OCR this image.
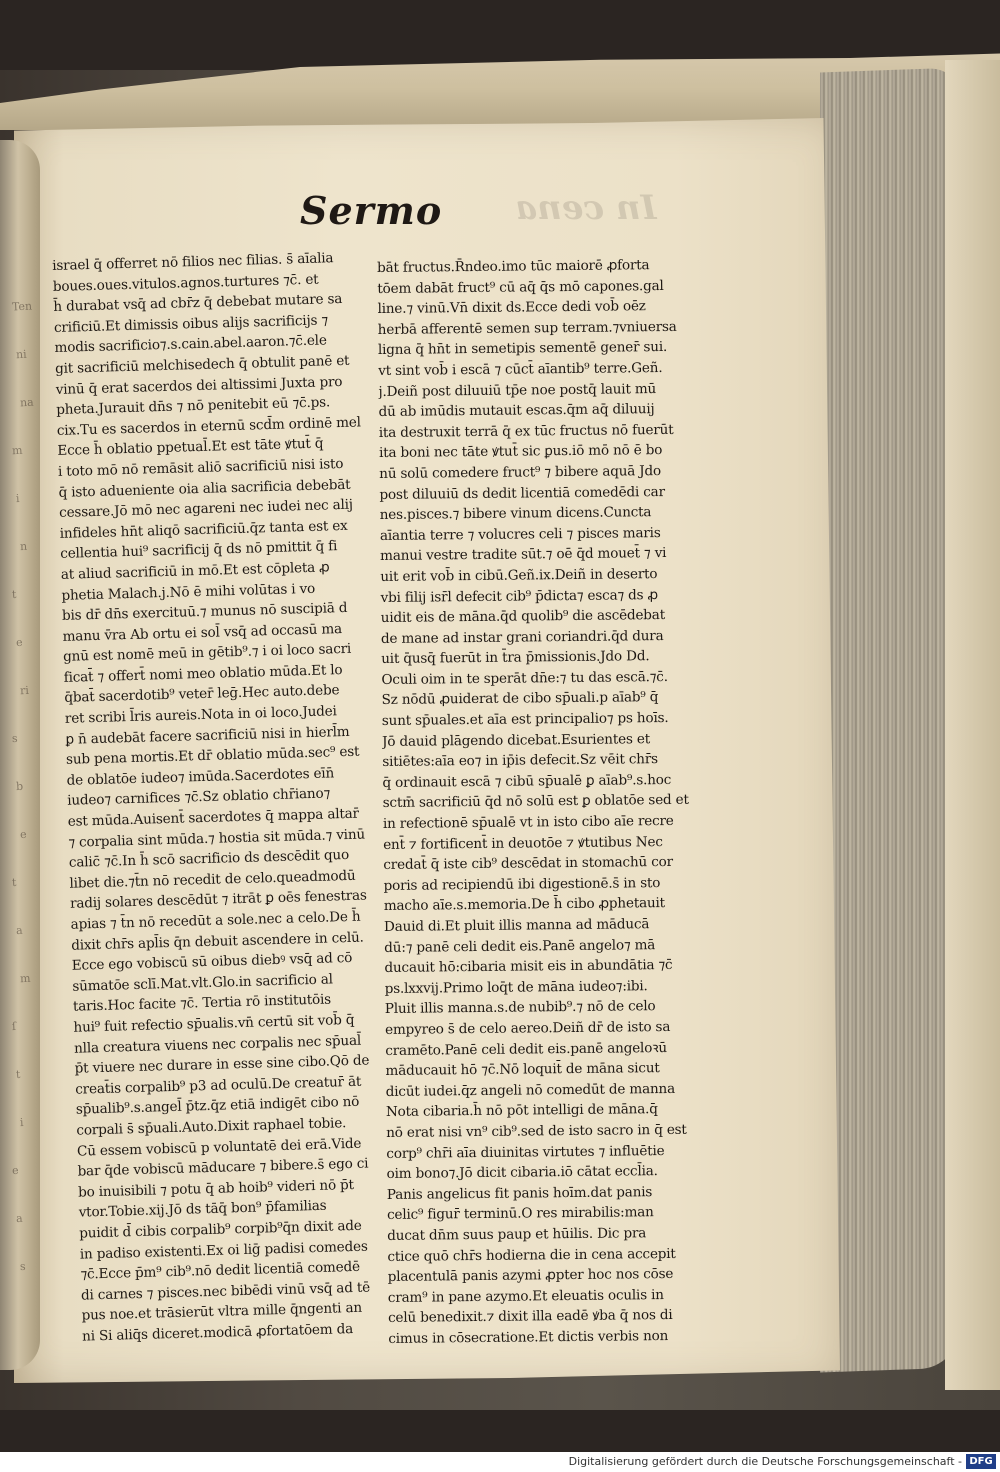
Ten
ni
na
m
i
n
t
e
ri
s
b
e
t
a
m
ſ
t
i
e
a
s
Sermo In cena
israel q̄ offerret nō filios nec filias. s̄ aīalia
boues.oues.vitulos.agnos.turtures ⁊c̄. et
h̄ durabat vsq̄ ad cbr̄z q̄ debebat mutare sa
crificiū.Et dimissis oibus alijs sacrificijs ⁊
modis sacrificio⁊.s.cain.abel.aaron.⁊c̄.ele
git sacrificiū melchisedech q̄ obtulit panē et
vinū q̄ erat sacerdos dei altissimi Juxta pro
pheta.Jurauit dn̄s ⁊ nō penitebit eū ⁊c̄.ps.
cix.Tu es sacerdos in eternū scd̄m ordinē mel
Ecce h̄ oblatio ppetual̄.Et est tāte ꝟtut̄ q̄
i toto mō nō remāsit aliō sacrificiū nisi isto
q̄ isto adueniente oia alia sacrificia debebāt
cessare.Jō mō nec agareni nec iudei nec alij
infideles hn̄t aliqō sacrificiū.q̄z tanta est ex
cellentia hui⁹ sacrificij q̄ ds nō pmittit q̄ fi
at aliud sacrificiū in mō.Et est cōpleta ꝓ
phetia Malach.j.Nō ē mihi volūtas i vo
bis dr̄ dn̄s exercituū.⁊ munus nō suscipiā d
manu v̄ra Ab ortu ei sol̄ vsq̄ ad occasū ma
gnū est nomē meū in gētib⁹.⁊ i oi loco sacri
ficat̄ ⁊ offert̄ nomi meo oblatio mūda.Et lo
q̄bat̄ sacerdotib⁹ veter̄ leḡ.Hec auto.debe
ret scribi l̄ris aureis.Nota in oi loco.Judei
ꝑ n̄ audebāt facere sacrificiū nisi in hierl̄m
sub pena mortis.Et dr̄ oblatio mūda.sec⁹ est
de oblatōe iudeo⁊ imūda.Sacerdotes eīn̄
iudeo⁊ carnifices ⁊c̄.Sz oblatio chr̄iano⁊
est mūda.Auisent̄ sacerdotes q̄ mappa altar̄
⁊ corpalia sint mūda.⁊ hostia sit mūda.⁊ vinū
calic̄ ⁊c̄.In h̄ scō sacrificio ds descēdit quo
libet die.⁊t̄n nō recedit de celo.queadmodū
radij solares descēdūt ⁊ itrāt ꝑ oēs fenestras
apias ⁊ t̄n nō recedūt a sole.nec a celo.De h̄
dixit chr̄s apl̄is q̄n debuit ascendere in celū.
Ecce ego vobiscū sū oibus diebꝰ vsq̄ ad cō
sūmatōe sclī.Mat.vlt.Glo.in sacrificio al
taris.Hoc facite ⁊c̄. Tertia rō institutōis
hui⁹ fuit refectio sp̄ualis.vn̄ certū sit vob̄ q̄
nlla creatura viuens nec corpalis nec sp̄ual̄
p̄t viuere nec durare in esse sine cibo.Qō de
creat̄is corpalib⁹ p3 ad oculū.De creatur̄ āt
sp̄ualib⁹.s.angel̄ p̄tz.q̄z etiā indigēt cibo nō
corpali s̄ sp̄uali.Auto.Dixit raphael tobie.
Cū essem vobiscū p voluntatē dei erā.Vide
bar q̄de vobiscū māducare ⁊ bibere.s̄ ego ci
bo inuisibili ⁊ potu q̄ ab hoib⁹ videri nō p̄t
vtor.Tobie.xij.Jō ds tāq̄ bon⁹ p̄familias
puidit d̄ cibis corpalib⁹ corpib⁹q̄n dixit ade
in padiso existenti.Ex oi liḡ padisi comedes
⁊c̄.Ecce p̄m⁹ cib⁹.nō dedit licentiā comedē
di carnes ⁊ pisces.nec bibēdi vinū vsq̄ ad tē
pus noe.et trāsierūt vltra mille q̄ngenti an
ni Si aliq̄s diceret.modicā ꝓfortatōem da
bāt fructus.R̄ndeo.imo tūc maiorē ꝓforta
tōem dabāt fruct⁹ cū aq̄ q̄s mō capones.gal
line.⁊ vinū.Vn̄ dixit ds.Ecce dedi vob̄ oēz
herbā afferentē semen sup terram.⁊vniuersa
ligna q̄ hn̄t in semetipis sementē gener̄ sui.
vt sint vob̄ i escā ⁊ cūct̄ aīantib⁹ terre.Geñ.
j.Deiñ post diluuiū tp̄e noe postq̄ lauit mū
dū ab imūdis mutauit escas.q̄m aq̄ diluuij
ita destruxit terrā q̄ ex tūc fructus nō fuerūt
ita boni nec tāte ꝟtut̄ sic ꝑus.iō mō nō ē bo
nū solū comedere fruct⁹ ⁊ bibere aquā Jdo
post diluuiū ds dedit licentiā comedēdi car
nes.pisces.⁊ bibere vinum dicens.Cuncta
aīantia terre ⁊ volucres celi ⁊ pisces maris
manui vestre tradite sūt.⁊ oē q̄d mouet̄ ⁊ vi
uit erit vob̄ in cibū.Geñ.ix.Deiñ in deserto
vbi filij isr̄l defecit cib⁹ p̄dicta⁊ esca⁊ ds ꝓ
uidit eis de māna.q̄d quolib⁹ die ascēdebat
de mane ad instar grani coriandri.q̄d dura
uit q̄usq̄ fuerūt in t̄ra p̄missionis.Jdo Dd.
Oculi oim in te sperāt dn̄e:⁊ tu das escā.⁊c̄.
Sz nōdū ꝓuiderat de cibo sp̄uali.p aīab⁹ q̄
sunt sp̄uales.et aīa est principalio⁊ ps hoīs.
Jō dauid plāgendo dicebat.Esurientes et
sitiētes:aīa eo⁊ in ip̄is defecit.Sz vēit chr̄s
q̄ ordinauit escā ⁊ cibū sp̄ualē ꝑ aīab⁹.s.hoc
sctm̄ sacrificiū q̄d nō solū est ꝑ oblatōe sed et
in refectionē sp̄ualē vt in isto cibo aīe recre
ent̄ ⁊ fortificent̄ in deuotōe ⁊ ꝟtutibus Nec
credat̄ q̄ iste cib⁹ descēdat in stomachū cor
poris ad recipiendū ibi digestionē.s̄ in sto
macho aīe.s.memoria.De h̄ cibo ꝓphetauit
Dauid di.Et pluit illis manna ad māducā
dū:⁊ panē celi dedit eis.Panē angelo⁊ mā
ducauit hō:cibaria misit eis in abundātia ⁊c̄
ps.lxxvij.Primo loq̄t de māna iudeo⁊:ibi.
Pluit illis manna.s.de nubib⁹.⁊ nō de celo
empyreo s̄ de celo aereo.Deiñ dr̄ de isto sa
cramēto.Panē celi dedit eis.panē angeloꝛū
māducauit hō ⁊c̄.Nō loquit̄ de māna sicut
dicūt iudei.q̄z angeli nō comedūt de manna
Nota cibaria.h̄ nō pōt intelligi de māna.q̄
nō erat nisi vn⁹ cib⁹.sed de isto sacro in q̄ est
corp⁹ chr̄i aīa diuinitas virtutes ⁊ influētie
oim bono⁊.Jō dicit cibaria.iō cātat eccl̄ia.
Panis angelicus fit panis hoīm.dat panis
celic⁹ figur̄ terminū.O res mirabilis:man
ducat dn̄m suus paup et hūilis. Dic pra
ctice quō chr̄s hodierna die in cena accepit
placentulā panis azymi ꝓpter hoc nos cōse
cram⁹ in pane azymo.Et eleuatis oculis in
celū benedixit.⁊ dixit illa eadē ꝟba q̄ nos di
cimus in cōsecratione.Et dictis verbis non
Digitalisierung gefördert durch die Deutsche Forschungsgemeinschaft - DFG
